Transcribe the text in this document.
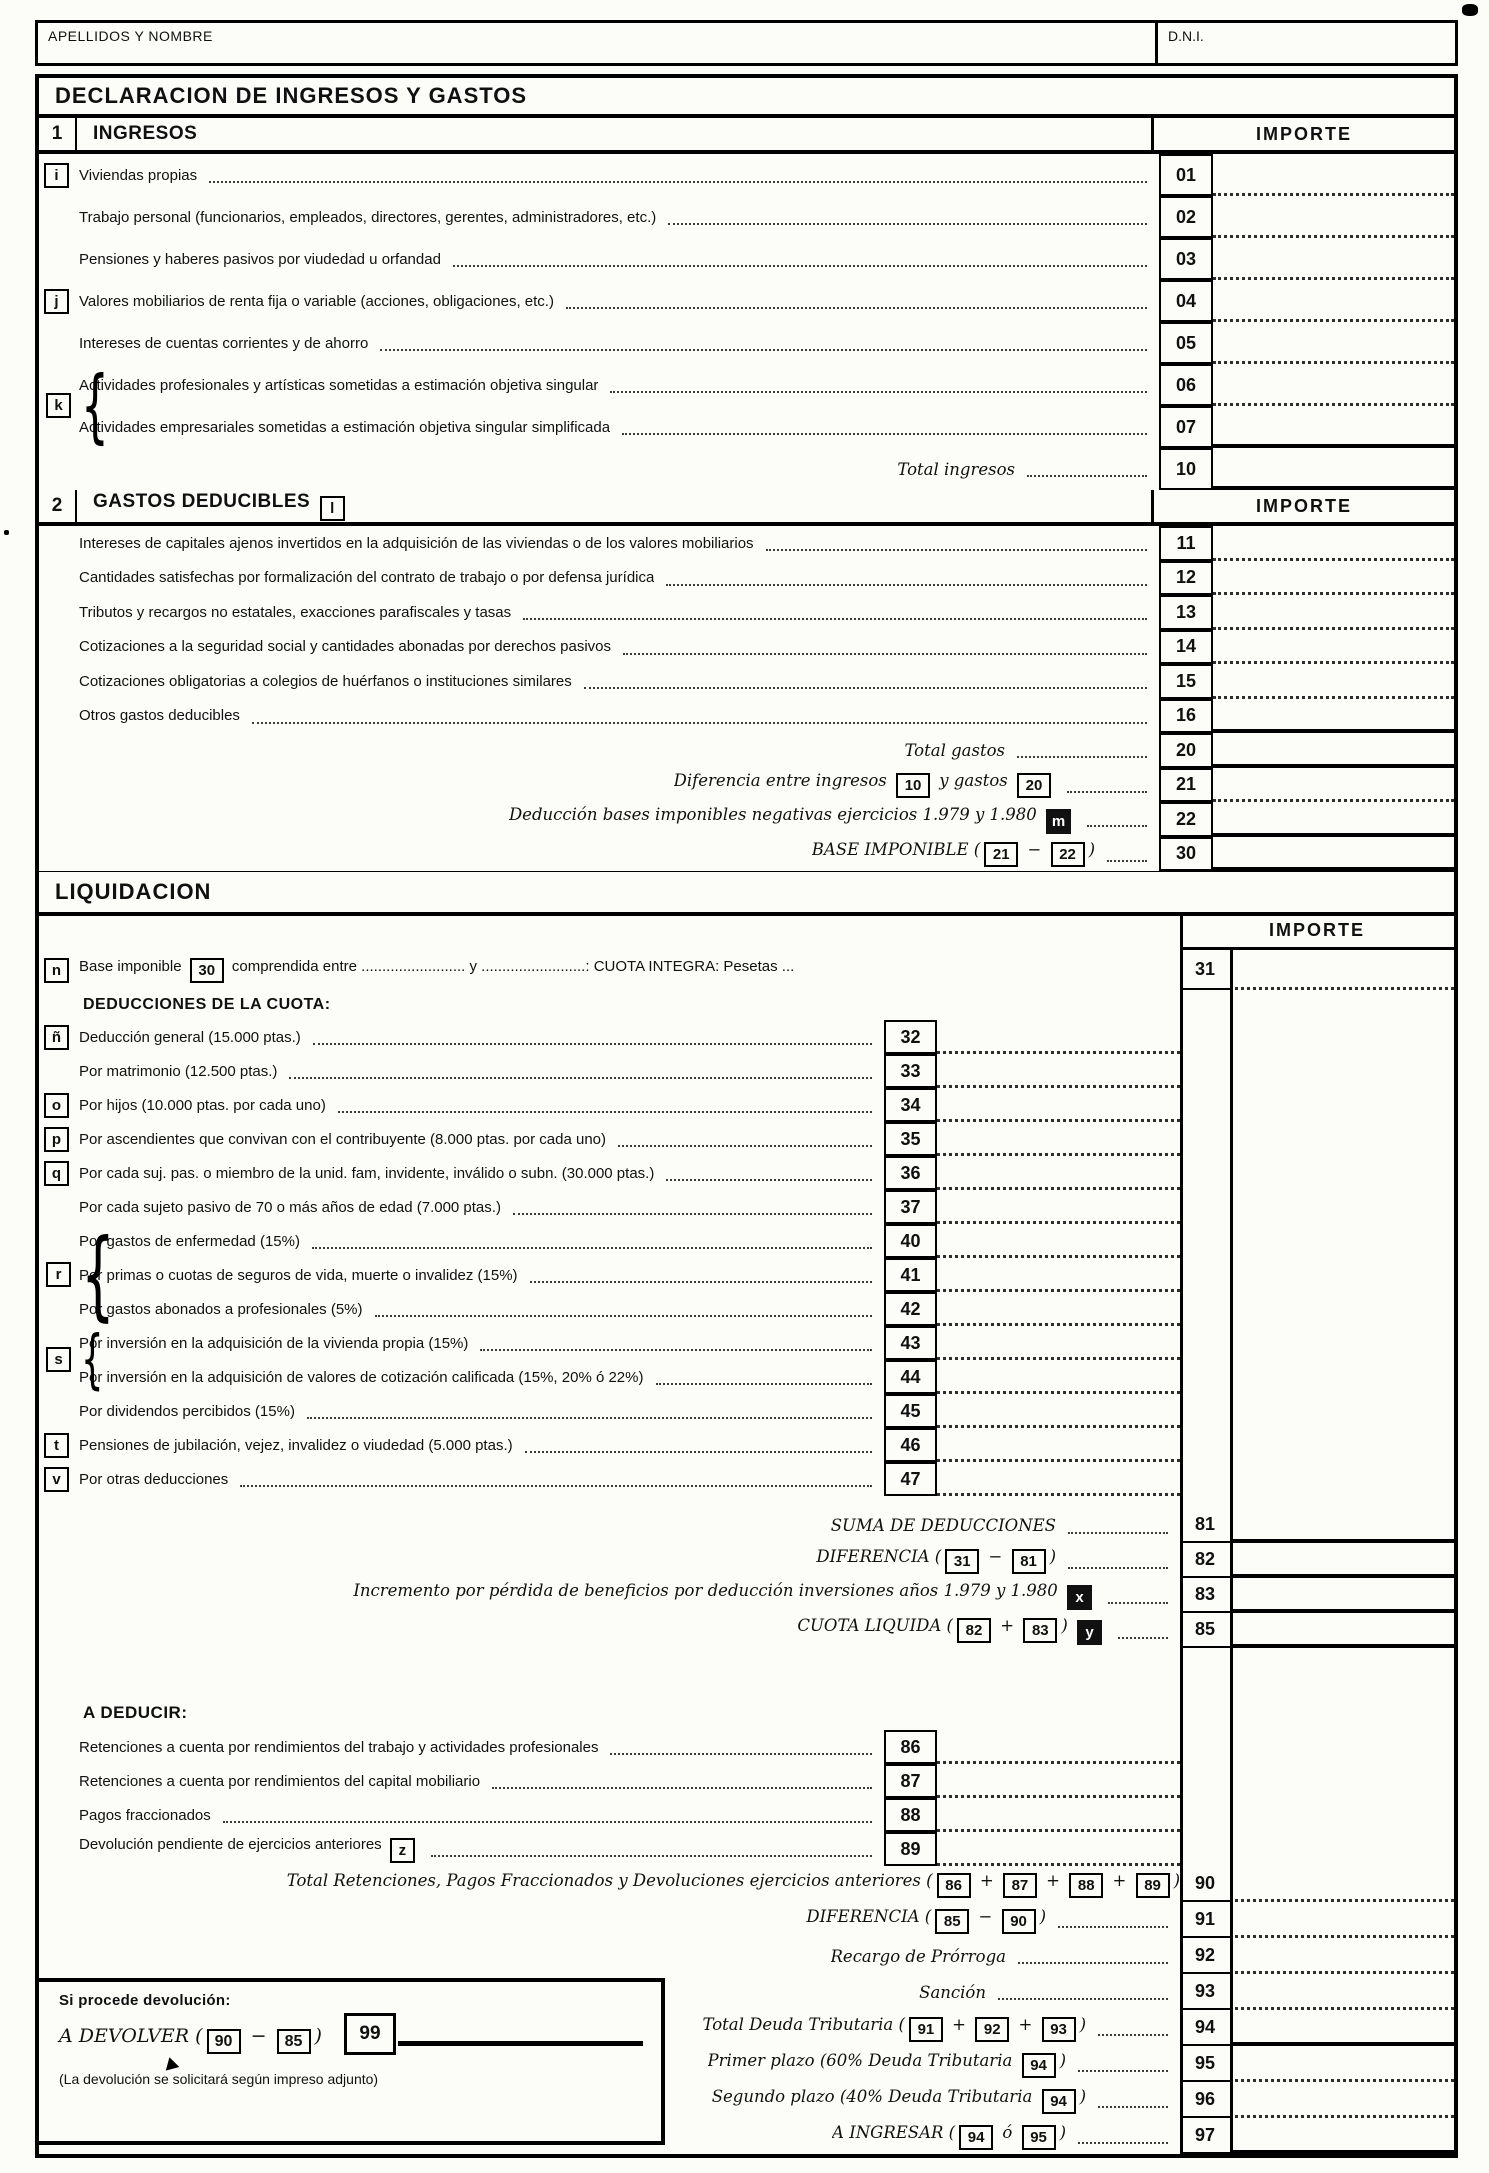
APELLIDOS Y NOMBRE	D.N.I.
DECLARACION DE INGRESOS Y GASTOS
1	INGRESOS	IMPORTE
i	Viviendas propias	01
Trabajo personal (funcionarios, empleados, directores, gerentes, administradores, etc.)	02
Pensiones y haberes pasivos por viudedad u orfandad	03
j	Valores mobiliarios de renta fija o variable (acciones, obligaciones, etc.)	04
Intereses de cuentas corrientes y de ahorro	05
Actividades profesionales y artísticas sometidas a estimación objetiva singular	06
Actividades empresariales sometidas a estimación objetiva singular simplificada	07
Total ingresos	10
{
k
2	GASTOS DEDUCIBLES l	IMPORTE
Intereses de capitales ajenos invertidos en la adquisición de las viviendas o de los valores mobiliarios	11
Cantidades satisfechas por formalización del contrato de trabajo o por defensa jurídica	12
Tributos y recargos no estatales, exacciones parafiscales y tasas	13
Cotizaciones a la seguridad social y cantidades abonadas por derechos pasivos	14
Cotizaciones obligatorias a colegios de huérfanos o instituciones similares	15
Otros gastos deducibles	16
Total gastos	20
Diferencia entre ingresos 10 y gastos 20	21
Deducción bases imponibles negativas ejercicios 1.979 y 1.980 m	22
BASE IMPONIBLE ( 21 − 22 )	30
LIQUIDACION
IMPORTE
n	Base imponible 30 comprendida entre ......................... y .........................: CUOTA INTEGRA: Pesetas ...	31
DEDUCCIONES DE LA CUOTA:
ñ	Deducción general (15.000 ptas.)	32
Por matrimonio (12.500 ptas.)	33
o	Por hijos (10.000 ptas. por cada uno)	34
p	Por ascendientes que convivan con el contribuyente (8.000 ptas. por cada uno)	35
q	Por cada suj. pas. o miembro de la unid. fam, invidente, inválido o subn. (30.000 ptas.)	36
Por cada sujeto pasivo de 70 o más años de edad (7.000 ptas.)	37
Por gastos de enfermedad (15%)	40
Por primas o cuotas de seguros de vida, muerte o invalidez (15%)	41
Por gastos abonados a profesionales (5%)	42
Por inversión en la adquisición de la vivienda propia (15%)	43
Por inversión en la adquisición de valores de cotización calificada (15%, 20% ó 22%)	44
Por dividendos percibidos (15%)	45
t	Pensiones de jubilación, vejez, invalidez o viudedad (5.000 ptas.)	46
v	Por otras deducciones	47
{
r
{
s
SUMA DE DEDUCCIONES	81
DIFERENCIA ( 31 − 81 )	82
Incremento por pérdida de beneficios por deducción inversiones años 1.979 y 1.980 x	83
CUOTA LIQUIDA ( 82 + 83 ) y	85
A DEDUCIR:
Retenciones a cuenta por rendimientos del trabajo y actividades profesionales	86
Retenciones a cuenta por rendimientos del capital mobiliario	87
Pagos fraccionados	88
Devolución pendiente de ejercicios anteriores z	89
Total Retenciones, Pagos Fraccionados y Devoluciones ejercicios anteriores ( 86 + 87 + 88 + 89 ) 90
DIFERENCIA ( 85 − 90 )	91
Recargo de Prórroga	92
Sanción	93
Total Deuda Tributaria ( 91 + 92 + 93 )	94
Primer plazo (60% Deuda Tributaria 94 )	95
Segundo plazo (40% Deuda Tributaria 94 )	96
A INGRESAR ( 94 ó 95 )	97
Si procede devolución:
A DEVOLVER ( 90 − 85 )	99
(La devolución se solicitará según impreso adjunto)
